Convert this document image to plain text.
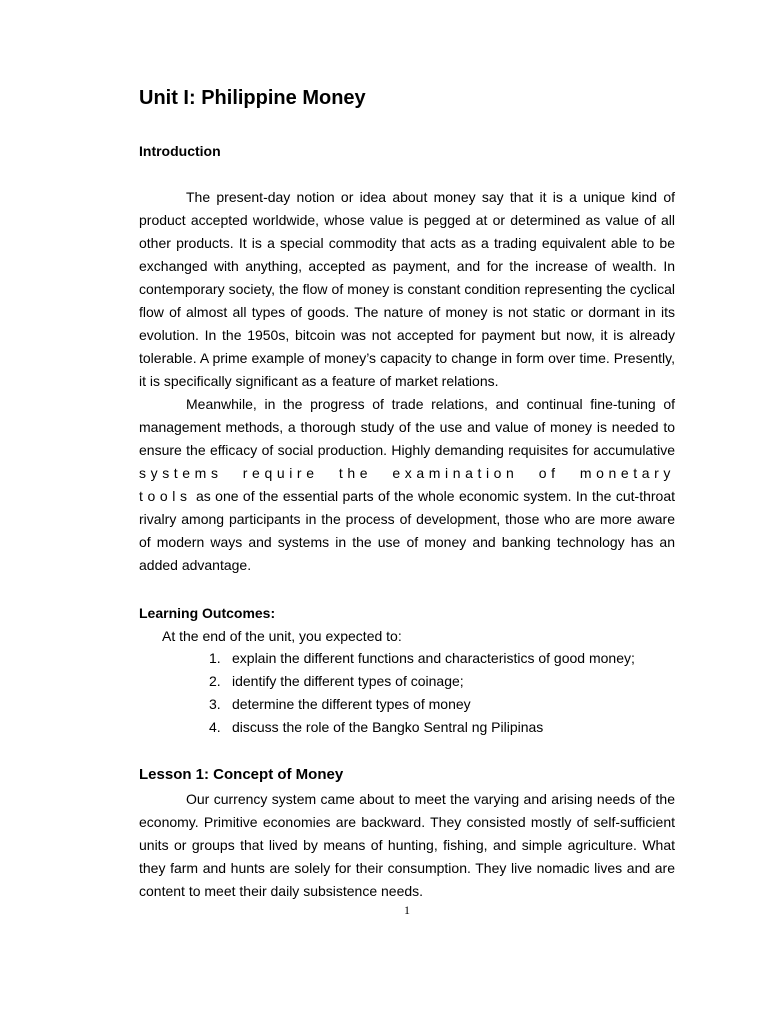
Unit I: Philippine Money
Introduction

The present-day notion or idea about money say that it is a unique kind of product accepted worldwide, whose value is pegged at or determined as value of all other products. It is a special commodity that acts as a trading equivalent able to be exchanged with anything, accepted as payment, and for the increase of wealth. In contemporary society, the flow of money is constant condition representing the cyclical flow of almost all types of goods. The nature of money is not static or dormant in its evolution. In the 1950s, bitcoin was not accepted for payment but now, it is already tolerable. A prime example of money’s capacity to change in form over time. Presently, it is specifically significant as a feature of market relations.

Meanwhile, in the progress of trade relations, and continual fine-tuning of management methods, a thorough study of the use and value of money is needed to ensure the efficacy of social production. Highly demanding requisites for accumulative systems require the examination of monetary tools as one of the essential parts of the whole economic system. In the cut-throat rivalry among participants in the process of development, those who are more aware of modern ways and systems in the use of money and banking technology has an added advantage.

Learning Outcomes:

At the end of the unit, you expected to:

1. explain the different functions and characteristics of good money;
2. identify the different types of coinage;
3. determine the different types of money
4. discuss the role of the Bangko Sentral ng Pilipinas
Lesson 1: Concept of Money

Our currency system came about to meet the varying and arising needs of the economy. Primitive economies are backward. They consisted mostly of self-sufficient units or groups that lived by means of hunting, fishing, and simple agriculture. What they farm and hunts are solely for their consumption. They live nomadic lives and are content to meet their daily subsistence needs.

1
